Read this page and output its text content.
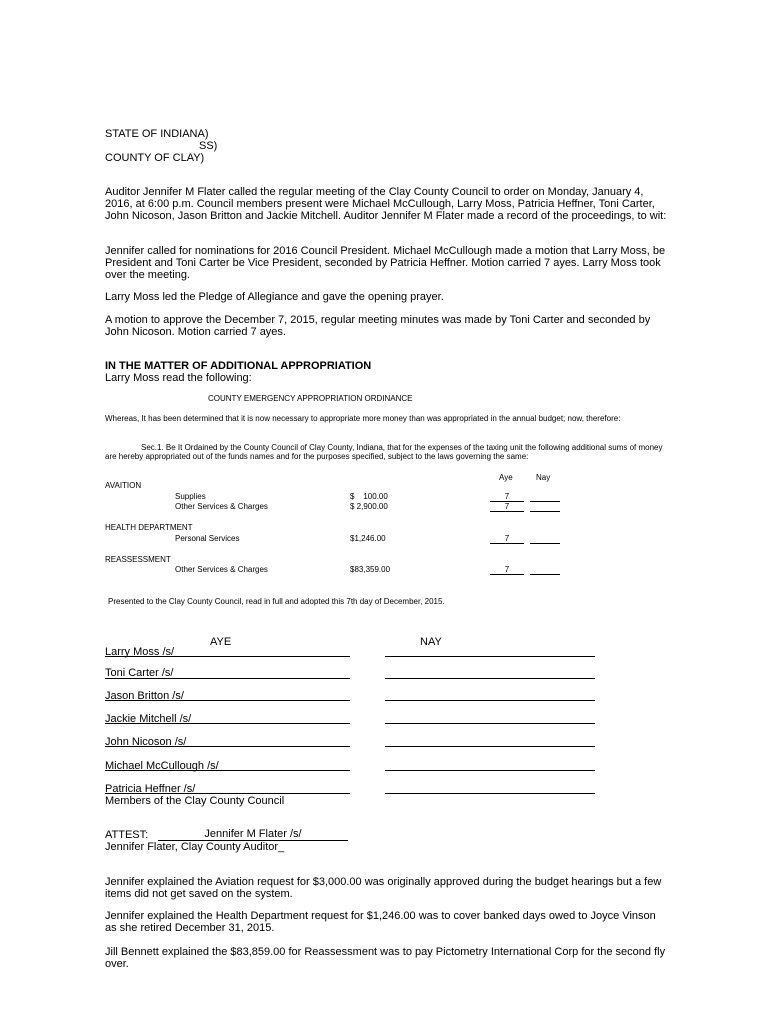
STATE OF INDIANA)
SS)
COUNTY OF CLAY)
Auditor Jennifer M Flater called the regular meeting of the Clay County Council to order on Monday, January 4, 2016, at 6:00 p.m. Council members present were Michael McCullough, Larry Moss, Patricia Heffner, Toni Carter, John Nicoson, Jason Britton and Jackie Mitchell. Auditor Jennifer M Flater made a record of the proceedings, to wit:
Jennifer called for nominations for 2016 Council President. Michael McCullough made a motion that Larry Moss, be President and Toni Carter be Vice President, seconded by Patricia Heffner. Motion carried 7 ayes. Larry Moss took over the meeting.
Larry Moss led the Pledge of Allegiance and gave the opening prayer.
A motion to approve the December 7, 2015, regular meeting minutes was made by Toni Carter and seconded by John Nicoson. Motion carried 7 ayes.
IN THE MATTER OF ADDITIONAL APPROPRIATION
Larry Moss read the following:
COUNTY EMERGENCY APPROPRIATION ORDINANCE
Whereas, It has been determined that it is now necessary to appropriate more money than was appropriated in the annual budget; now, therefore:
Sec.1. Be It Ordained by the County Council of Clay County, Indiana, that for the expenses of the taxing unit the following additional sums of money are hereby appropriated out of the funds names and for the purposes specified, subject to the laws governing the same:
Aye	Nay
AVAITION
Supplies	$    100.00	7
Other Services & Charges	$ 2,900.00	7
HEALTH DEPARTMENT
Personal Services	$1,246.00	7
REASSESSMENT
Other Services & Charges	$83,359.00	7
Presented to the Clay County Council, read in full and adopted this 7th day of December, 2015.
AYE	NAY
Larry Moss /s/
Toni Carter /s/
Jason Britton /s/
Jackie Mitchell /s/
John Nicoson /s/
Michael McCullough /s/
Patricia Heffner /s/
Members of the Clay County Council
ATTEST:	Jennifer M Flater /s/
Jennifer Flater, Clay County Auditor_
Jennifer explained the Aviation request for $3,000.00 was originally approved during the budget hearings but a few items did not get saved on the system.
Jennifer explained the Health Department request for $1,246.00 was to cover banked days owed to Joyce Vinson as she retired December 31, 2015.
Jill Bennett explained the $83,859.00 for Reassessment was to pay Pictometry International Corp for the second fly over.
